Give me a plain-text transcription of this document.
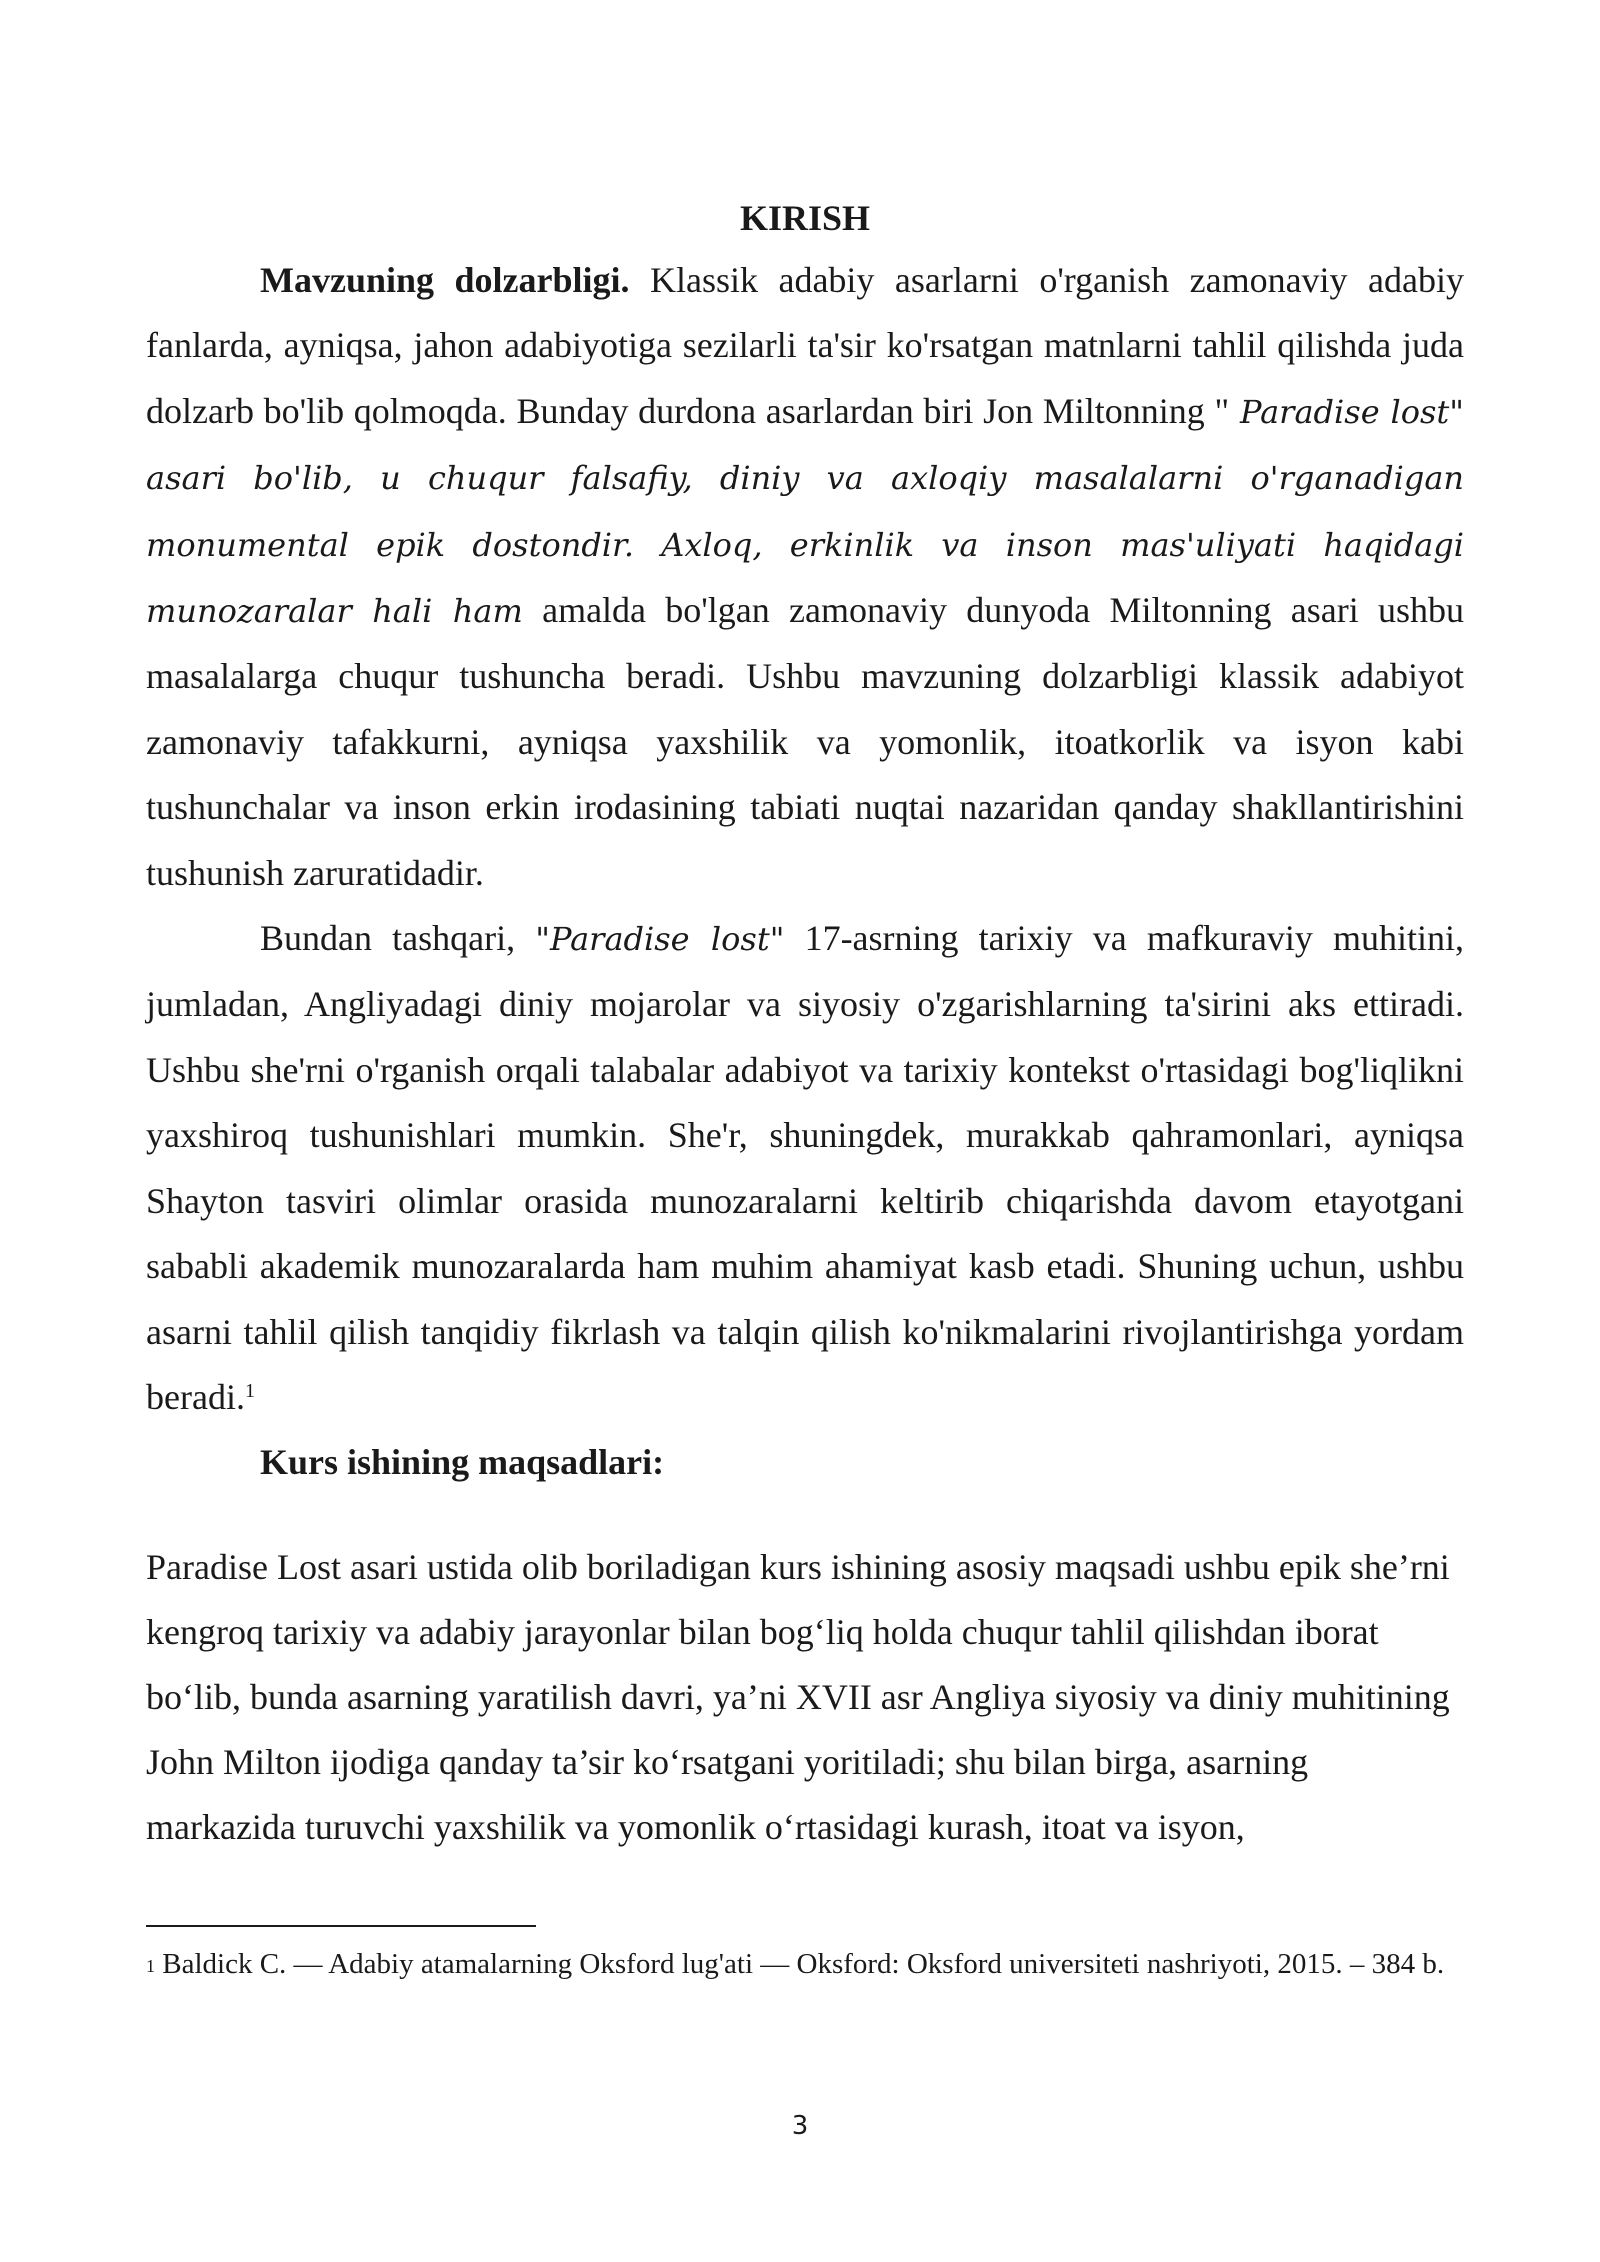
KIRISH

Mavzuning dolzarbligi. Klassik adabiy asarlarni o'rganish zamonaviy adabiy fanlarda, ayniqsa, jahon adabiyotiga sezilarli ta'sir ko'rsatgan matnlarni tahlil qilishda juda dolzarb bo'lib qolmoqda. Bunday durdona asarlardan biri Jon Miltonning " Paradise lost" asari bo'lib, u chuqur falsafiy, diniy va axloqiy masalalarni o'rganadigan monumental epik dostondir. Axloq, erkinlik va inson mas'uliyati haqidagi munozaralar hali ham amalda bo'lgan zamonaviy dunyoda Miltonning asari ushbu masalalarga chuqur tushuncha beradi. Ushbu mavzuning dolzarbligi klassik adabiyot zamonaviy tafakkurni, ayniqsa yaxshilik va yomonlik, itoatkorlik va isyon kabi tushunchalar va inson erkin irodasining tabiati nuqtai nazaridan qanday shakllantirishini tushunish zaruratidadir.

Bundan tashqari, "Paradise lost" 17-asrning tarixiy va mafkuraviy muhitini, jumladan, Angliyadagi diniy mojarolar va siyosiy o'zgarishlarning ta'sirini aks ettiradi. Ushbu she'rni o'rganish orqali talabalar adabiyot va tarixiy kontekst o'rtasidagi bog'liqlikni yaxshiroq tushunishlari mumkin. She'r, shuningdek, murakkab qahramonlari, ayniqsa Shayton tasviri olimlar orasida munozaralarni keltirib chiqarishda davom etayotgani sababli akademik munozaralarda ham muhim ahamiyat kasb etadi. Shuning uchun, ushbu asarni tahlil qilish tanqidiy fikrlash va talqin qilish ko'nikmalarini rivojlantirishga yordam beradi.$^1$

Kurs ishining maqsadlari:

Paradise Lost asari ustida olib boriladigan kurs ishining asosiy maqsadi ushbu epik she’rni kengroq tarixiy va adabiy jarayonlar bilan bog‘liq holda chuqur tahlil qilishdan iborat bo‘lib, bunda asarning yaratilish davri, ya’ni XVII asr Angliya siyosiy va diniy muhitining John Milton ijodiga qanday ta’sir ko‘rsatgani yoritiladi; shu bilan birga, asarning markazida turuvchi yaxshilik va yomonlik o‘rtasidagi kurash, itoat va isyon,

$^1$ Baldick C. — Adabiy atamalarning Oksford lug'ati — Oksford: Oksford universiteti nashriyoti, 2015. – 384 b.

3
